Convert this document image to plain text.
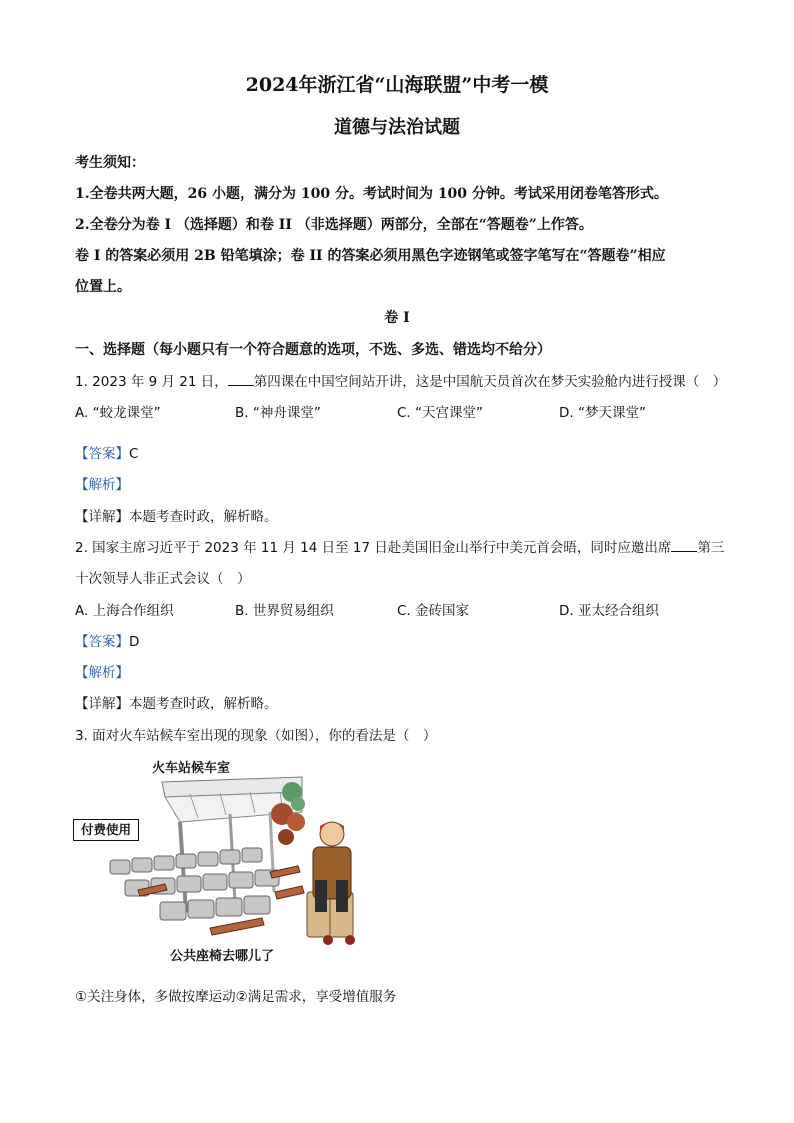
2024年浙江省“山海联盟”中考一模
道德与法治试题
考生须知：
1.全卷共两大题，26 小题，满分为 100 分。考试时间为 100 分钟。考试采用闭卷笔答形式。
2.全卷分为卷 I （选择题）和卷 II （非选择题）两部分，全部在“答题卷”上作答。
卷 I 的答案必须用 2B 铅笔填涂；卷 II 的答案必须用黑色字迹钢笔或签字笔写在“答题卷”相应
位置上。
卷 I
一、选择题（每小题只有一个符合题意的选项，不选、多选、错选均不给分）
1. 2023 年 9 月 21 日， 第四课在中国空间站开讲，这是中国航天员首次在梦天实验舱内进行授课（　）
A. “蛟龙课堂”	B. “神舟课堂”	C. “天宫课堂”	D. “梦天课堂”
【答案】C
【解析】
【详解】本题考查时政，解析略。
2. 国家主席习近平于 2023 年 11 月 14 日至 17 日赴美国旧金山举行中美元首会晤，同时应邀出席 第三
十次领导人非正式会议（　）
A. 上海合作组织	B. 世界贸易组织	C. 金砖国家	D. 亚太经合组织
【答案】D
【解析】
【详解】本题考查时政，解析略。
3. 面对火车站候车室出现的现象（如图），你的看法是（　）
火车站候车室
付费使用
公共座椅去哪儿了
①关注身体，多做按摩运动②满足需求，享受增值服务
